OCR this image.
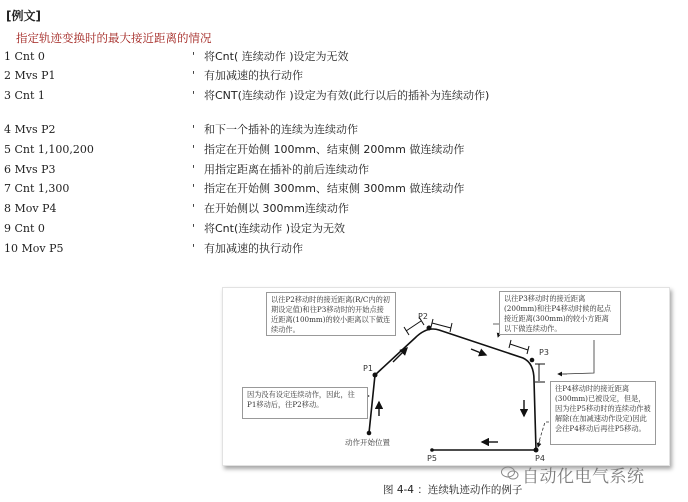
[例文]
指定轨迹变换时的最大接近距离的情况
1 Cnt 0	' 将Cnt( 连续动作 )设定为无效
2 Mvs P1	' 有加减速的执行动作
3 Cnt 1	' 将CNT(连续动作 )设定为有效(此行以后的插补为连续动作)
4 Mvs P2	' 和下一个插补的连续为连续动作
5 Cnt 1,100,200	' 指定在开始侧 100mm、结束侧 200mm 做连续动作
6 Mvs P3	' 用指定距离在插补的前后连续动作
7 Cnt 1,300	' 指定在开始侧 300mm、结束侧 300mm 做连续动作
8 Mov P4	' 在开始侧以 300mm连续动作
9 Cnt 0	' 将Cnt(连续动作 )设定为无效
10 Mov P5	' 有加减速的执行动作
以往P2移动时的接近距离(R/C内的初期设定值)和往P3移动时的开始点接近距离(100mm)的较小距离以下做连续动作。
以往P3移动时的接近距离(200mm)和往P4移动时候的起点接近距离(300mm)的较小方距离以下做连续动作。
因为没有设定连续动作，因此，往P1移动后，往P2移动。
往P4移动时的接近距离(300mm)已被设定，但是，因为往P5移动时的连续动作被解除(在加减速动作设定)因此会往P4移动后再往P5移动。
P1
P2
P3
P4
P5
动作开始位置
自动化电气系统
图 4-4 ：连续轨迹动作的例子
